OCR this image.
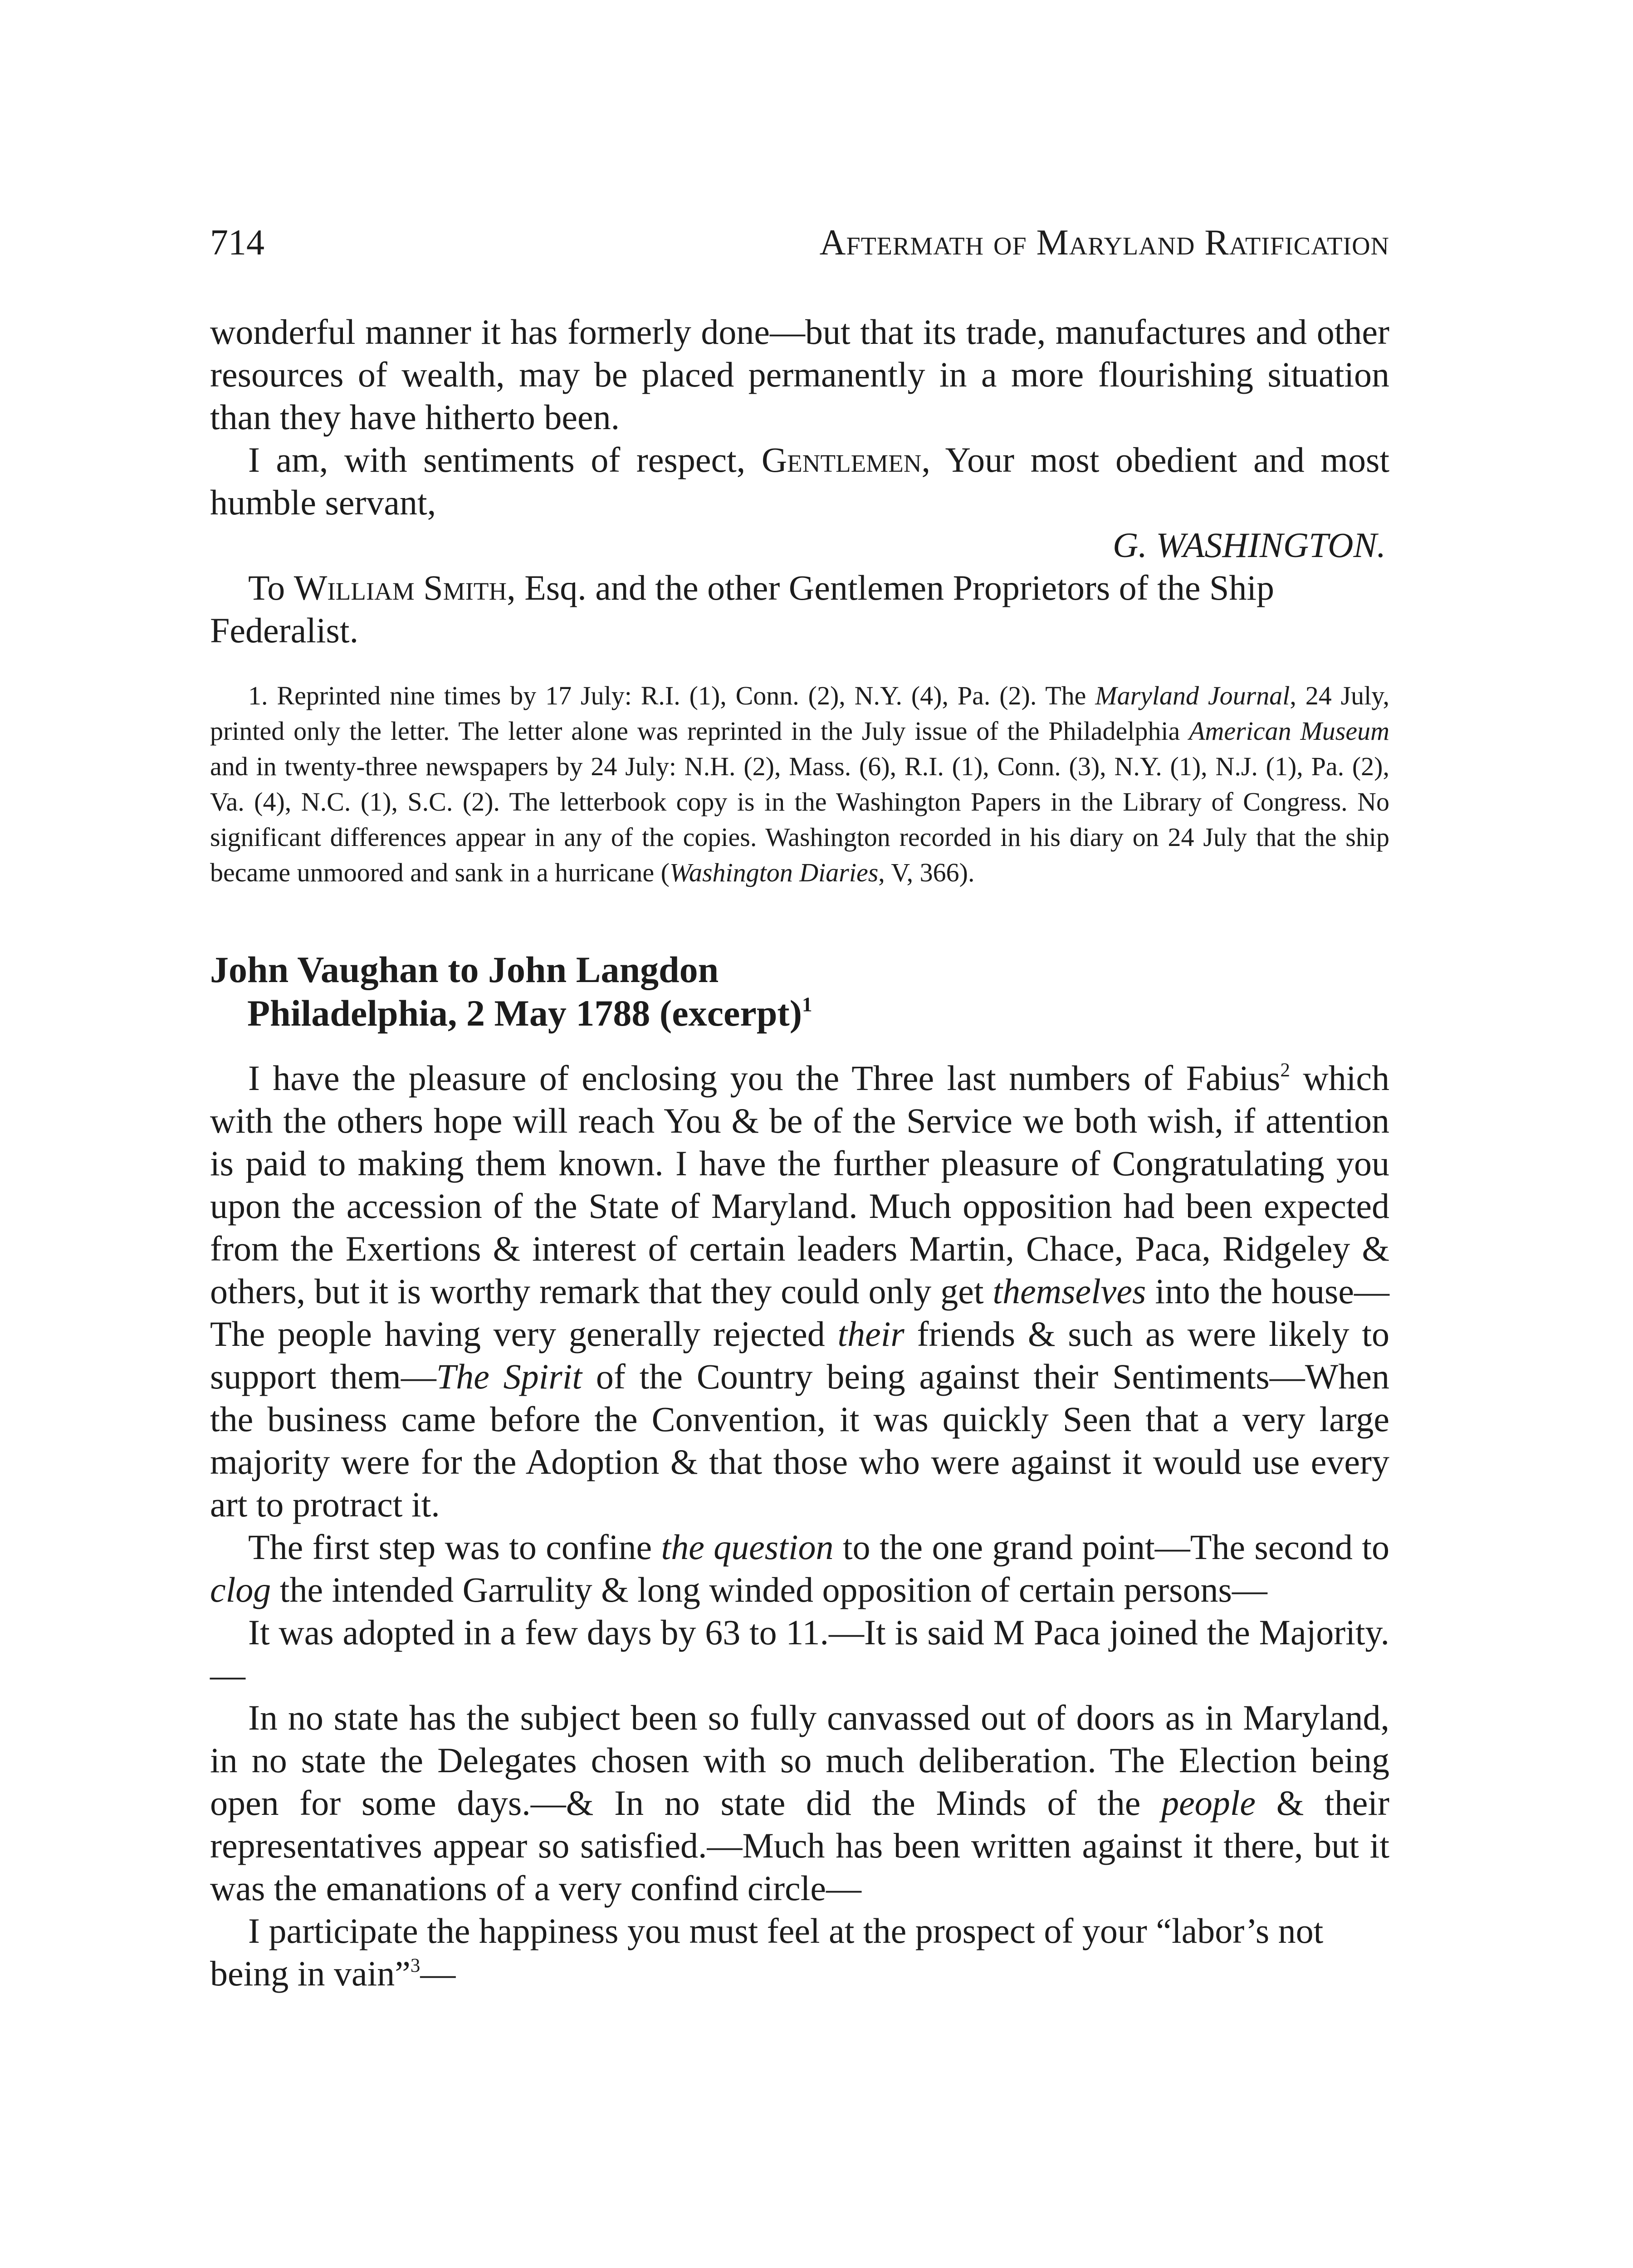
714	Aftermath of Maryland Ratification

wonderful manner it has formerly done—but that its trade, manufactures and other resources of wealth, may be placed permanently in a more flourishing situation than they have hitherto been.

I am, with sentiments of respect, Gentlemen, Your most obedient and most humble servant,

G. WASHINGTON.

To William Smith, Esq. and the other Gentlemen Proprietors of the Ship Federalist.

1. Reprinted nine times by 17 July: R.I. (1), Conn. (2), N.Y. (4), Pa. (2). The Maryland Journal, 24 July, printed only the letter. The letter alone was reprinted in the July issue of the Philadelphia American Museum and in twenty-three newspapers by 24 July: N.H. (2), Mass. (6), R.I. (1), Conn. (3), N.Y. (1), N.J. (1), Pa. (2), Va. (4), N.C. (1), S.C. (2). The letterbook copy is in the Washington Papers in the Library of Congress. No significant differences appear in any of the copies. Washington recorded in his diary on 24 July that the ship became unmoored and sank in a hurricane (Washington Diaries, V, 366).

John Vaughan to John Langdon

Philadelphia, 2 May 1788 (excerpt)$^1$

I have the pleasure of enclosing you the Three last numbers of Fabius$^2$ which with the others hope will reach You & be of the Service we both wish, if attention is paid to making them known. I have the further pleasure of Congratulating you upon the accession of the State of Maryland. Much opposition had been expected from the Exertions & interest of certain leaders Martin, Chace, Paca, Ridgeley & others, but it is worthy remark that they could only get themselves into the house—The people having very generally rejected their friends & such as were likely to support them—The Spirit of the Country being against their Sentiments—When the business came before the Convention, it was quickly Seen that a very large majority were for the Adoption & that those who were against it would use every art to protract it.

The first step was to confine the question to the one grand point—The second to clog the intended Garrulity & long winded opposition of certain persons—

It was adopted in a few days by 63 to 11.—It is said M Paca joined the Majority.—

In no state has the subject been so fully canvassed out of doors as in Maryland, in no state the Delegates chosen with so much deliberation. The Election being open for some days.—& In no state did the Minds of the people & their representatives appear so satisfied.—Much has been written against it there, but it was the emanations of a very confind circle—

I participate the happiness you must feel at the prospect of your “labor’s not being in vain”$^3$—
